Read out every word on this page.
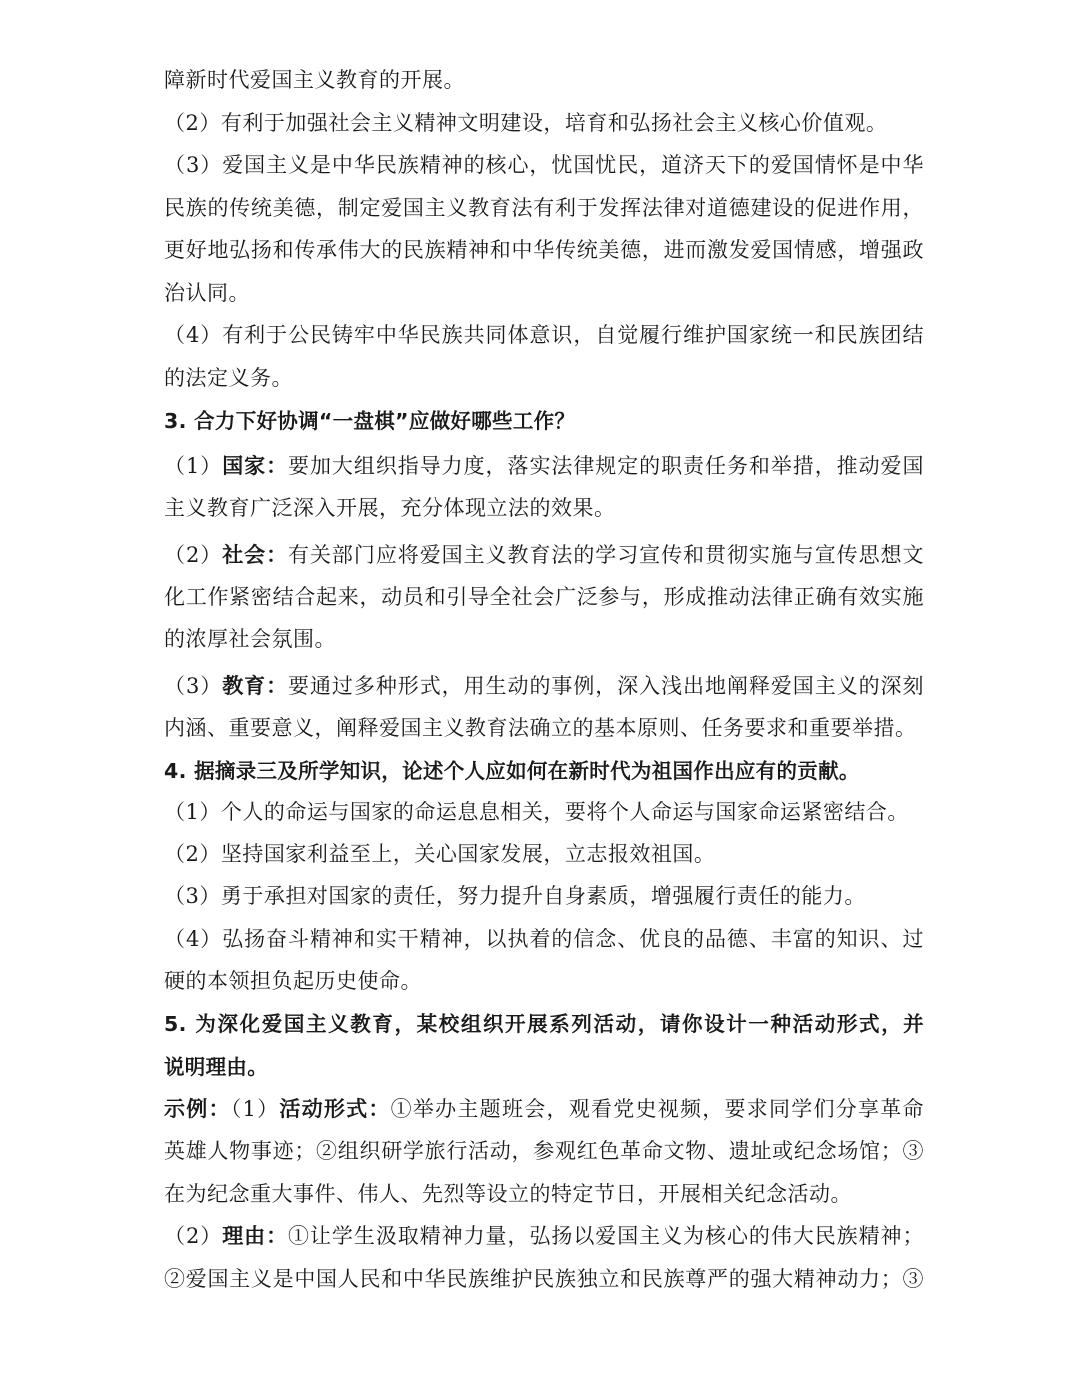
障新时代爱国主义教育的开展。
（2）有利于加强社会主义精神文明建设，培育和弘扬社会主义核心价值观。
（3）爱国主义是中华民族精神的核心，忧国忧民，道济天下的爱国情怀是中华
民族的传统美德，制定爱国主义教育法有利于发挥法律对道德建设的促进作用，
更好地弘扬和传承伟大的民族精神和中华传统美德，进而激发爱国情感，增强政
治认同。
（4）有利于公民铸牢中华民族共同体意识，自觉履行维护国家统一和民族团结
的法定义务。
3. 合力下好协调“一盘棋”应做好哪些工作？
（1）国家：要加大组织指导力度，落实法律规定的职责任务和举措，推动爱国
主义教育广泛深入开展，充分体现立法的效果。
（2）社会：有关部门应将爱国主义教育法的学习宣传和贯彻实施与宣传思想文
化工作紧密结合起来，动员和引导全社会广泛参与，形成推动法律正确有效实施
的浓厚社会氛围。
（3）教育：要通过多种形式，用生动的事例，深入浅出地阐释爱国主义的深刻
内涵、重要意义，阐释爱国主义教育法确立的基本原则、任务要求和重要举措。
4. 据摘录三及所学知识，论述个人应如何在新时代为祖国作出应有的贡献。
（1）个人的命运与国家的命运息息相关，要将个人命运与国家命运紧密结合。
（2）坚持国家利益至上，关心国家发展，立志报效祖国。
（3）勇于承担对国家的责任，努力提升自身素质，增强履行责任的能力。
（4）弘扬奋斗精神和实干精神，以执着的信念、优良的品德、丰富的知识、过
硬的本领担负起历史使命。
5. 为深化爱国主义教育，某校组织开展系列活动，请你设计一种活动形式，并
说明理由。
示例：（1）活动形式：①举办主题班会，观看党史视频，要求同学们分享革命
英雄人物事迹；②组织研学旅行活动，参观红色革命文物、遗址或纪念场馆；③
在为纪念重大事件、伟人、先烈等设立的特定节日，开展相关纪念活动。
（2）理由：①让学生汲取精神力量，弘扬以爱国主义为核心的伟大民族精神；
②爱国主义是中国人民和中华民族维护民族独立和民族尊严的强大精神动力；③
